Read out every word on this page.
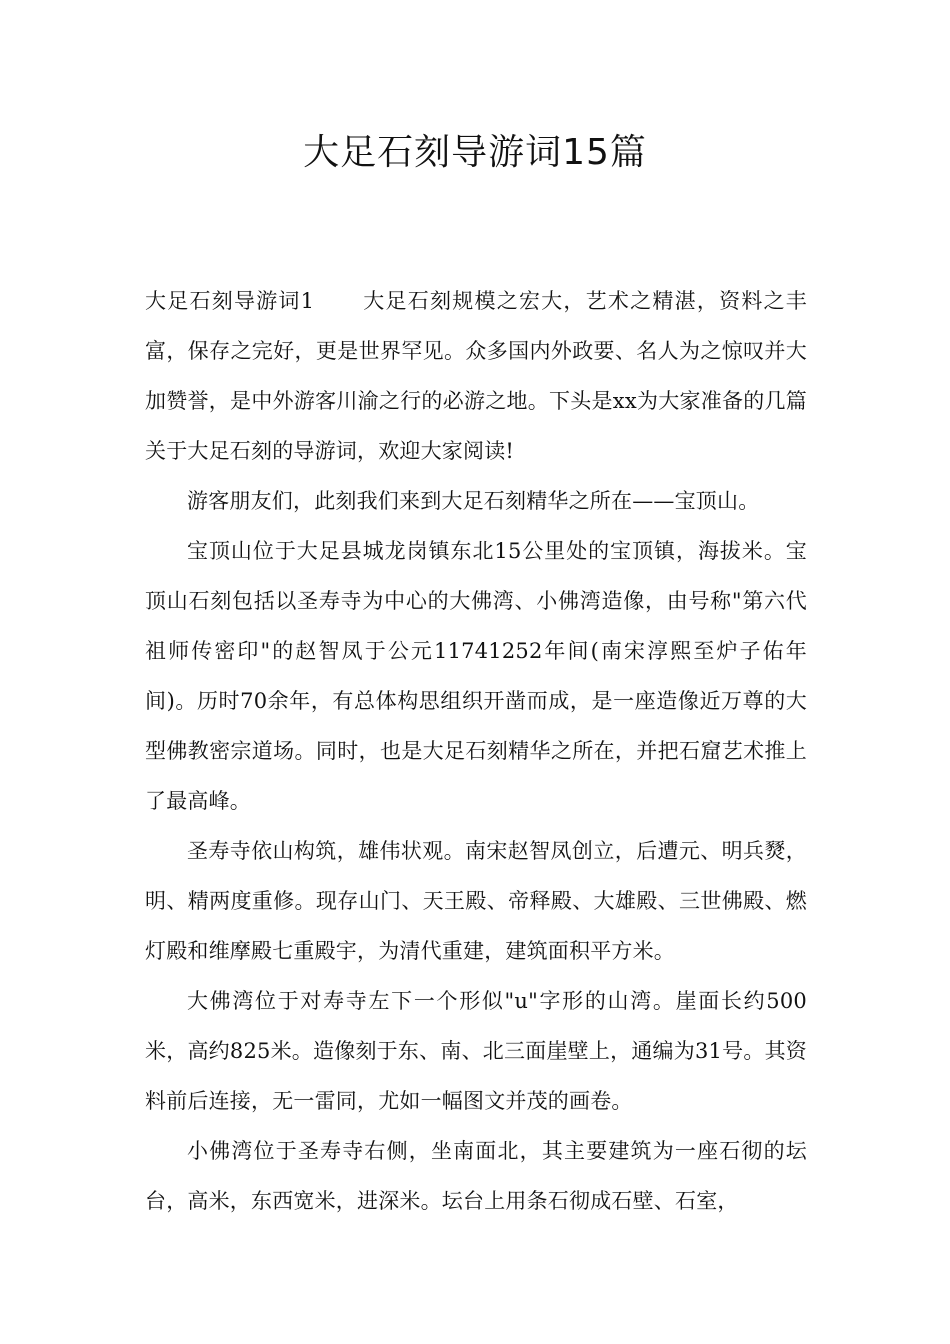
大足石刻导游词15篇

大足石刻导游词1 大足石刻规模之宏大，艺术之精湛，资料之丰富，保存之完好，更是世界罕见。众多国内外政要、名人为之惊叹并大加赞誉，是中外游客川渝之行的必游之地。下头是xx为大家准备的几篇关于大足石刻的导游词，欢迎大家阅读!

游客朋友们，此刻我们来到大足石刻精华之所在——宝顶山。

宝顶山位于大足县城龙岗镇东北15公里处的宝顶镇，海拔米。宝顶山石刻包括以圣寿寺为中心的大佛湾、小佛湾造像，由号称"第六代祖师传密印"的赵智凤于公元11741252年间(南宋淳熙至炉子佑年间)。历时70余年，有总体构思组织开凿而成，是一座造像近万尊的大型佛教密宗道场。同时，也是大足石刻精华之所在，并把石窟艺术推上了最高峰。

圣寿寺依山构筑，雄伟状观。南宋赵智凤创立，后遭元、明兵燹，明、精两度重修。现存山门、天王殿、帝释殿、大雄殿、三世佛殿、燃灯殿和维摩殿七重殿宇，为清代重建，建筑面积平方米。

大佛湾位于对寿寺左下一个形似"u"字形的山湾。崖面长约500米，高约825米。造像刻于东、南、北三面崖壁上，通编为31号。其资料前后连接，无一雷同，尤如一幅图文并茂的画卷。

小佛湾位于圣寿寺右侧，坐南面北，其主要建筑为一座石彻的坛台，高米，东西宽米，进深米。坛台上用条石彻成石壁、石室，
